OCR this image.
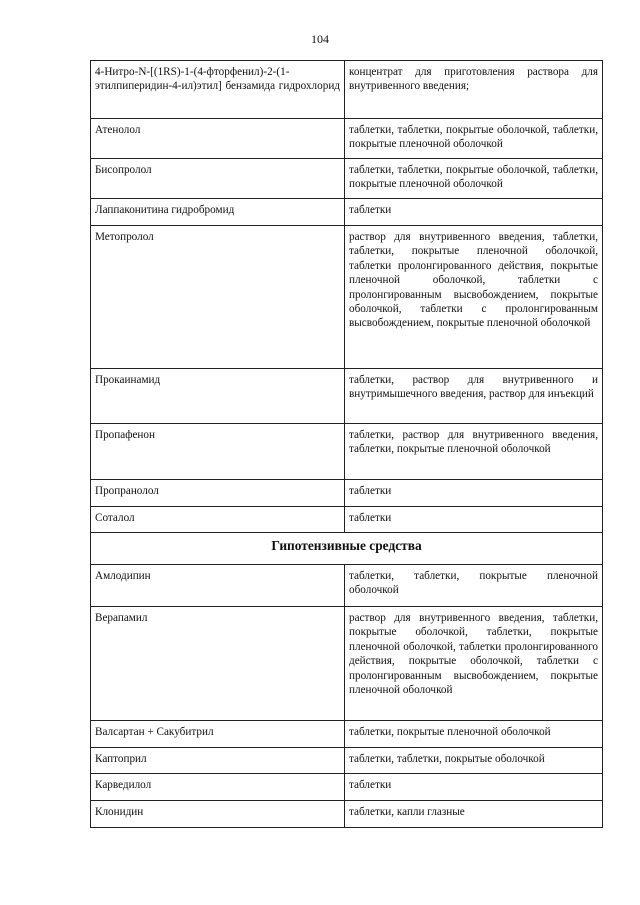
104
4-Нитро-N-[(1RS)-1-(4-фторфенил)-2-(1-этилпиперидин-4-ил)этил] бензамида гидрохлорид	концентрат для приготовления раствора для внутривенного введения;
Атенолол	таблетки, таблетки, покрытые оболочкой, таблетки, покрытые пленочной оболочкой
Бисопролол	таблетки, таблетки, покрытые оболочкой, таблетки, покрытые пленочной оболочкой
Лаппаконитина гидробромид	таблетки
Метопролол	раствор для внутривенного введения, таблетки, таблетки, покрытые пленочной оболочкой, таблетки пролонгированного действия, покрытые пленочной оболочкой, таблетки с пролонгированным высвобождением, покрытые оболочкой, таблетки с пролонгированным высвобождением, покрытые пленочной оболочкой
Прокаинамид	таблетки, раствор для внутривенного и внутримышечного введения, раствор для инъекций
Пропафенон	таблетки, раствор для внутривенного введения, таблетки, покрытые пленочной оболочкой
Пропранолол	таблетки
Соталол	таблетки
Гипотензивные средства	
Амлодипин	таблетки, таблетки, покрытые пленочной оболочкой
Верапамил	раствор для внутривенного введения, таблетки, покрытые оболочкой, таблетки, покрытые пленочной оболочкой, таблетки пролонгированного действия, покрытые оболочкой, таблетки с пролонгированным высвобождением, покрытые пленочной оболочкой
Валсартан + Сакубитрил	таблетки, покрытые пленочной оболочкой
Каптоприл	таблетки, таблетки, покрытые оболочкой
Карведилол	таблетки
Клонидин	таблетки, капли глазные
